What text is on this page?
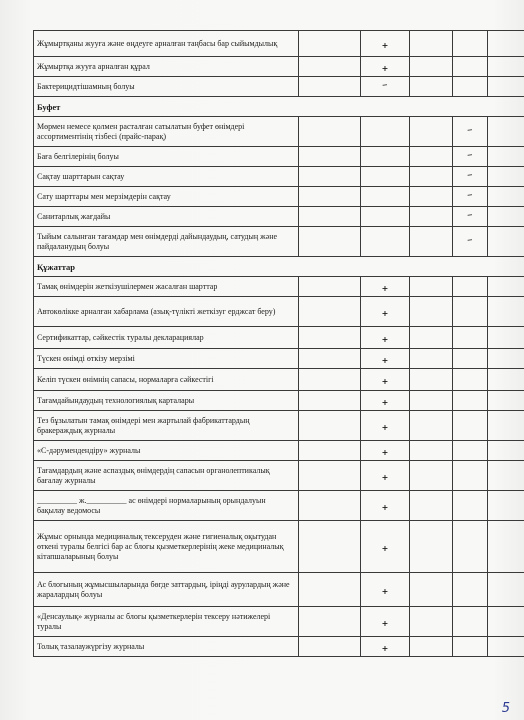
Жұмыртқаны жууға және өңдеуге арналған таңбасы бар сыйымдылық		+			
Жұмыртқа жууға арналған құрал		+			
Бактерицидтішамның болуы		–			
Буфет					
Мөрмен немесе қолмен расталған сатылатын буфет өнімдері ассортиментінің тізбесі (прайс-парақ)				–	
Баға белгілерінің болуы				–	
Сақтау шарттарын сақтау				–	
Сату шарттары мен мерзімдерін сақтау				–	
Санитарлық жағдайы				–	
Тыйым салынған тағамдар мен өнімдерді дайындаудың, сатудың және пайдаланудың болуы				–	
Құжаттар					
Тамақ өнімдерін жеткізушілермен жасалған шарттар		+			
Автокөлікке арналған хабарлама (азық-түлікті жеткізуг ерджсат беру)		+			
Сертификаттар, сәйкестік туралы декларациялар		+			
Түскен өнімді өткізу мерзімі		+			
Келіп түскен өнімнің сапасы, нормаларға сәйкестігі		+			
Тағамдайындаудың технологиялық карталары		+			
Тез бұзылатын тамақ өнімдері мен жартылай фабрикаттардың бракераждық журналы		+			
«С-дәрумендендіру» журналы		+			
Тағамдардың және аспаздық өнімдердің сапасын органолептикалық бағалау журналы		+			
__________ ж.__________ ас өнімдері нормаларының орындалуын бақылау ведомосы		+			
Жұмыс орнында медициналық тексеруден және гигиеналық оқытудан өткені туралы белгісі бар ас блогы қызметкерлерінің жеке медициналық кітапшаларының болуы		+			
Ас блогының жұмысшыларында бөгде заттардың, іріңді аурулардың және жаралардың болуы		+			
«Денсаулық» журналы ас блогы қызметкерлерін тексеру нәтижелері туралы		+			
Толық тазалаужүргізу журналы		+			
5
